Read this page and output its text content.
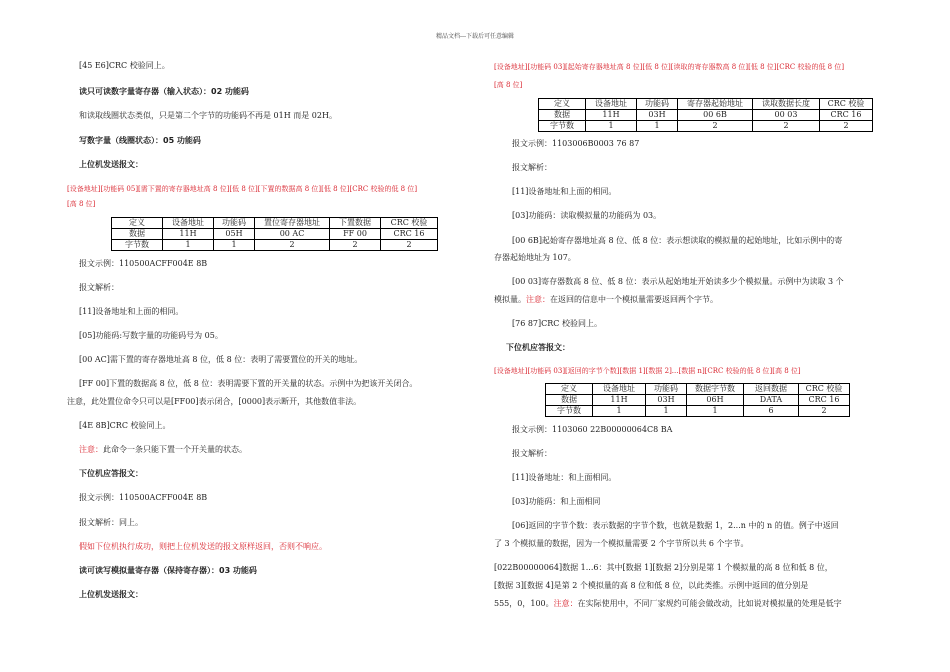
精品文档---下载后可任意编辑

[45 E6]CRC 校验同上。

读只可读数字量寄存器（输入状态）：02 功能码

和读取线圈状态类似，只是第二个字节的功能码不再是 01H 而是 02H。

写数字量（线圈状态）：05 功能码

上位机发送报文：

[设备地址][功能码 05][需下置的寄存器地址高 8 位][低 8 位][下置的数据高 8 位][低 8 位][CRC 校验的低 8 位]

[高 8 位]

定义	设备地址	功能码	置位寄存器地址	下置数据	CRC 校验
数据	11H	05H	00 AC	FF 00	CRC 16
字节数	1	1	2	2	2

报文示例：110500ACFF004E 8B

报文解析：

[11]设备地址和上面的相同。

[05]功能码:写数字量的功能码号为 05。

[00 AC]需下置的寄存器地址高 8 位，低 8 位：表明了需要置位的开关的地址。

[FF 00]下置的数据高 8 位，低 8 位：表明需要下置的开关量的状态。示例中为把该开关闭合。

注意，此处置位命令只可以是[FF00]表示闭合，[0000]表示断开，其他数值非法。

[4E 8B]CRC 校验同上。

注意：此命令一条只能下置一个开关量的状态。

下位机应答报文：

报文示例：110500ACFF004E 8B

报文解析：同上。

假如下位机执行成功，则把上位机发送的报文原样返回，否则不响应。

读可读写模拟量寄存器（保持寄存器）：03 功能码

上位机发送报文：

[设备地址][功能码 03][起始寄存器地址高 8 位][低 8 位][读取的寄存器数高 8 位][低 8 位][CRC 校验的低 8 位]

[高 8 位]

定义	设备地址	功能码	寄存器起始地址	读取数据长度	CRC 校验
数据	11H	03H	00 6B	00 03	CRC 16
字节数	1	1	2	2	2

报文示例：1103006B0003 76 87

报文解析：

[11]设备地址和上面的相同。

[03]功能码：读取模拟量的功能码为 03。

[00 6B]起始寄存器地址高 8 位、低 8 位：表示想读取的模拟量的起始地址，比如示例中的寄

存器起始地址为 107。

[00 03]寄存器数高 8 位、低 8 位：表示从起始地址开始读多少个模拟量。示例中为读取 3 个

模拟量。注意：在返回的信息中一个模拟量需要返回两个字节。

[76 87]CRC 校验同上。

下位机应答报文：

[设备地址][功能码 03][返回的字节个数][数据 1][数据 2]...[数据 n][CRC 校验的低 8 位][高 8 位]

定义	设备地址	功能码	数据字节数	返回数据	CRC 校验
数据	11H	03H	06H	DATA	CRC 16
字节数	1	1	1	6	2

报文示例：1103060 22B00000064C8 BA

报文解析：

[11]设备地址：和上面相同。

[03]功能码：和上面相同

[06]返回的字节个数：表示数据的字节个数，也就是数据 1，2...n 中的 n 的值。例子中返回

了 3 个模拟量的数据，因为一个模拟量需要 2 个字节所以共 6 个字节。

[022B00000064]数据 1...6：其中[数据 1][数据 2]分别是第 1 个模拟量的高 8 位和低 8 位，

[数据 3][数据 4]是第 2 个模拟量的高 8 位和低 8 位，以此类推。示例中返回的值分别是

555，0，100。注意：在实际使用中，不同厂家规约可能会做改动，比如说对模拟量的处理是低字
